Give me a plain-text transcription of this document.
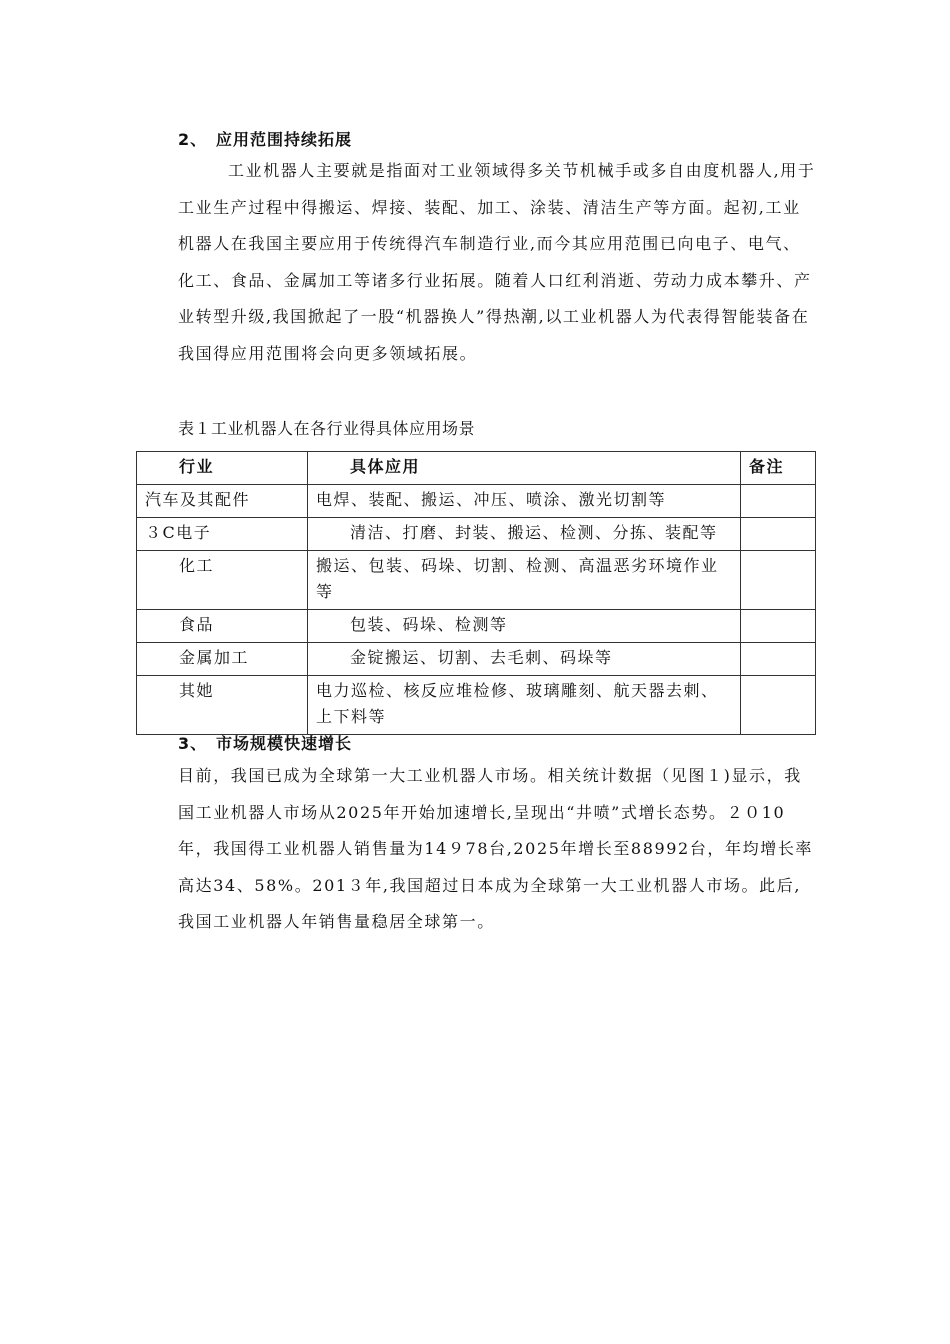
2、 应用范围持续拓展

工业机器人主要就是指面对工业领域得多关节机械手或多自由度机器人,用于工业生产过程中得搬运、焊接、装配、加工、涂装、清洁生产等方面。起初,工业机器人在我国主要应用于传统得汽车制造行业,而今其应用范围已向电子、电气、化工、食品、金属加工等诸多行业拓展。随着人口红利消逝、劳动力成本攀升、产业转型升级,我国掀起了一股“机器换人”得热潮,以工业机器人为代表得智能装备在我国得应用范围将会向更多领域拓展。

表１工业机器人在各行业得具体应用场景
行业	具体应用	备注
汽车及其配件	电焊、装配、搬运、冲压、喷涂、激光切割等	
３C电子	清洁、打磨、封装、搬运、检测、分拣、装配等	
化工	搬运、包装、码垛、切割、检测、高温恶劣环境作业等	
食品	包装、码垛、检测等	
金属加工	金锭搬运、切割、去毛刺、码垛等	
其她	电力巡检、核反应堆检修、玻璃雕刻、航天器去刺、上下料等	
3、 市场规模快速增长

目前，我国已成为全球第一大工业机器人市场。相关统计数据（见图１)显示，我国工业机器人市场从2025年开始加速增长,呈现出“井喷”式增长态势。２０10年，我国得工业机器人销售量为14９78台,2025年增长至88992台，年均增长率高达34、58%。201３年,我国超过日本成为全球第一大工业机器人市场。此后,我国工业机器人年销售量稳居全球第一。
